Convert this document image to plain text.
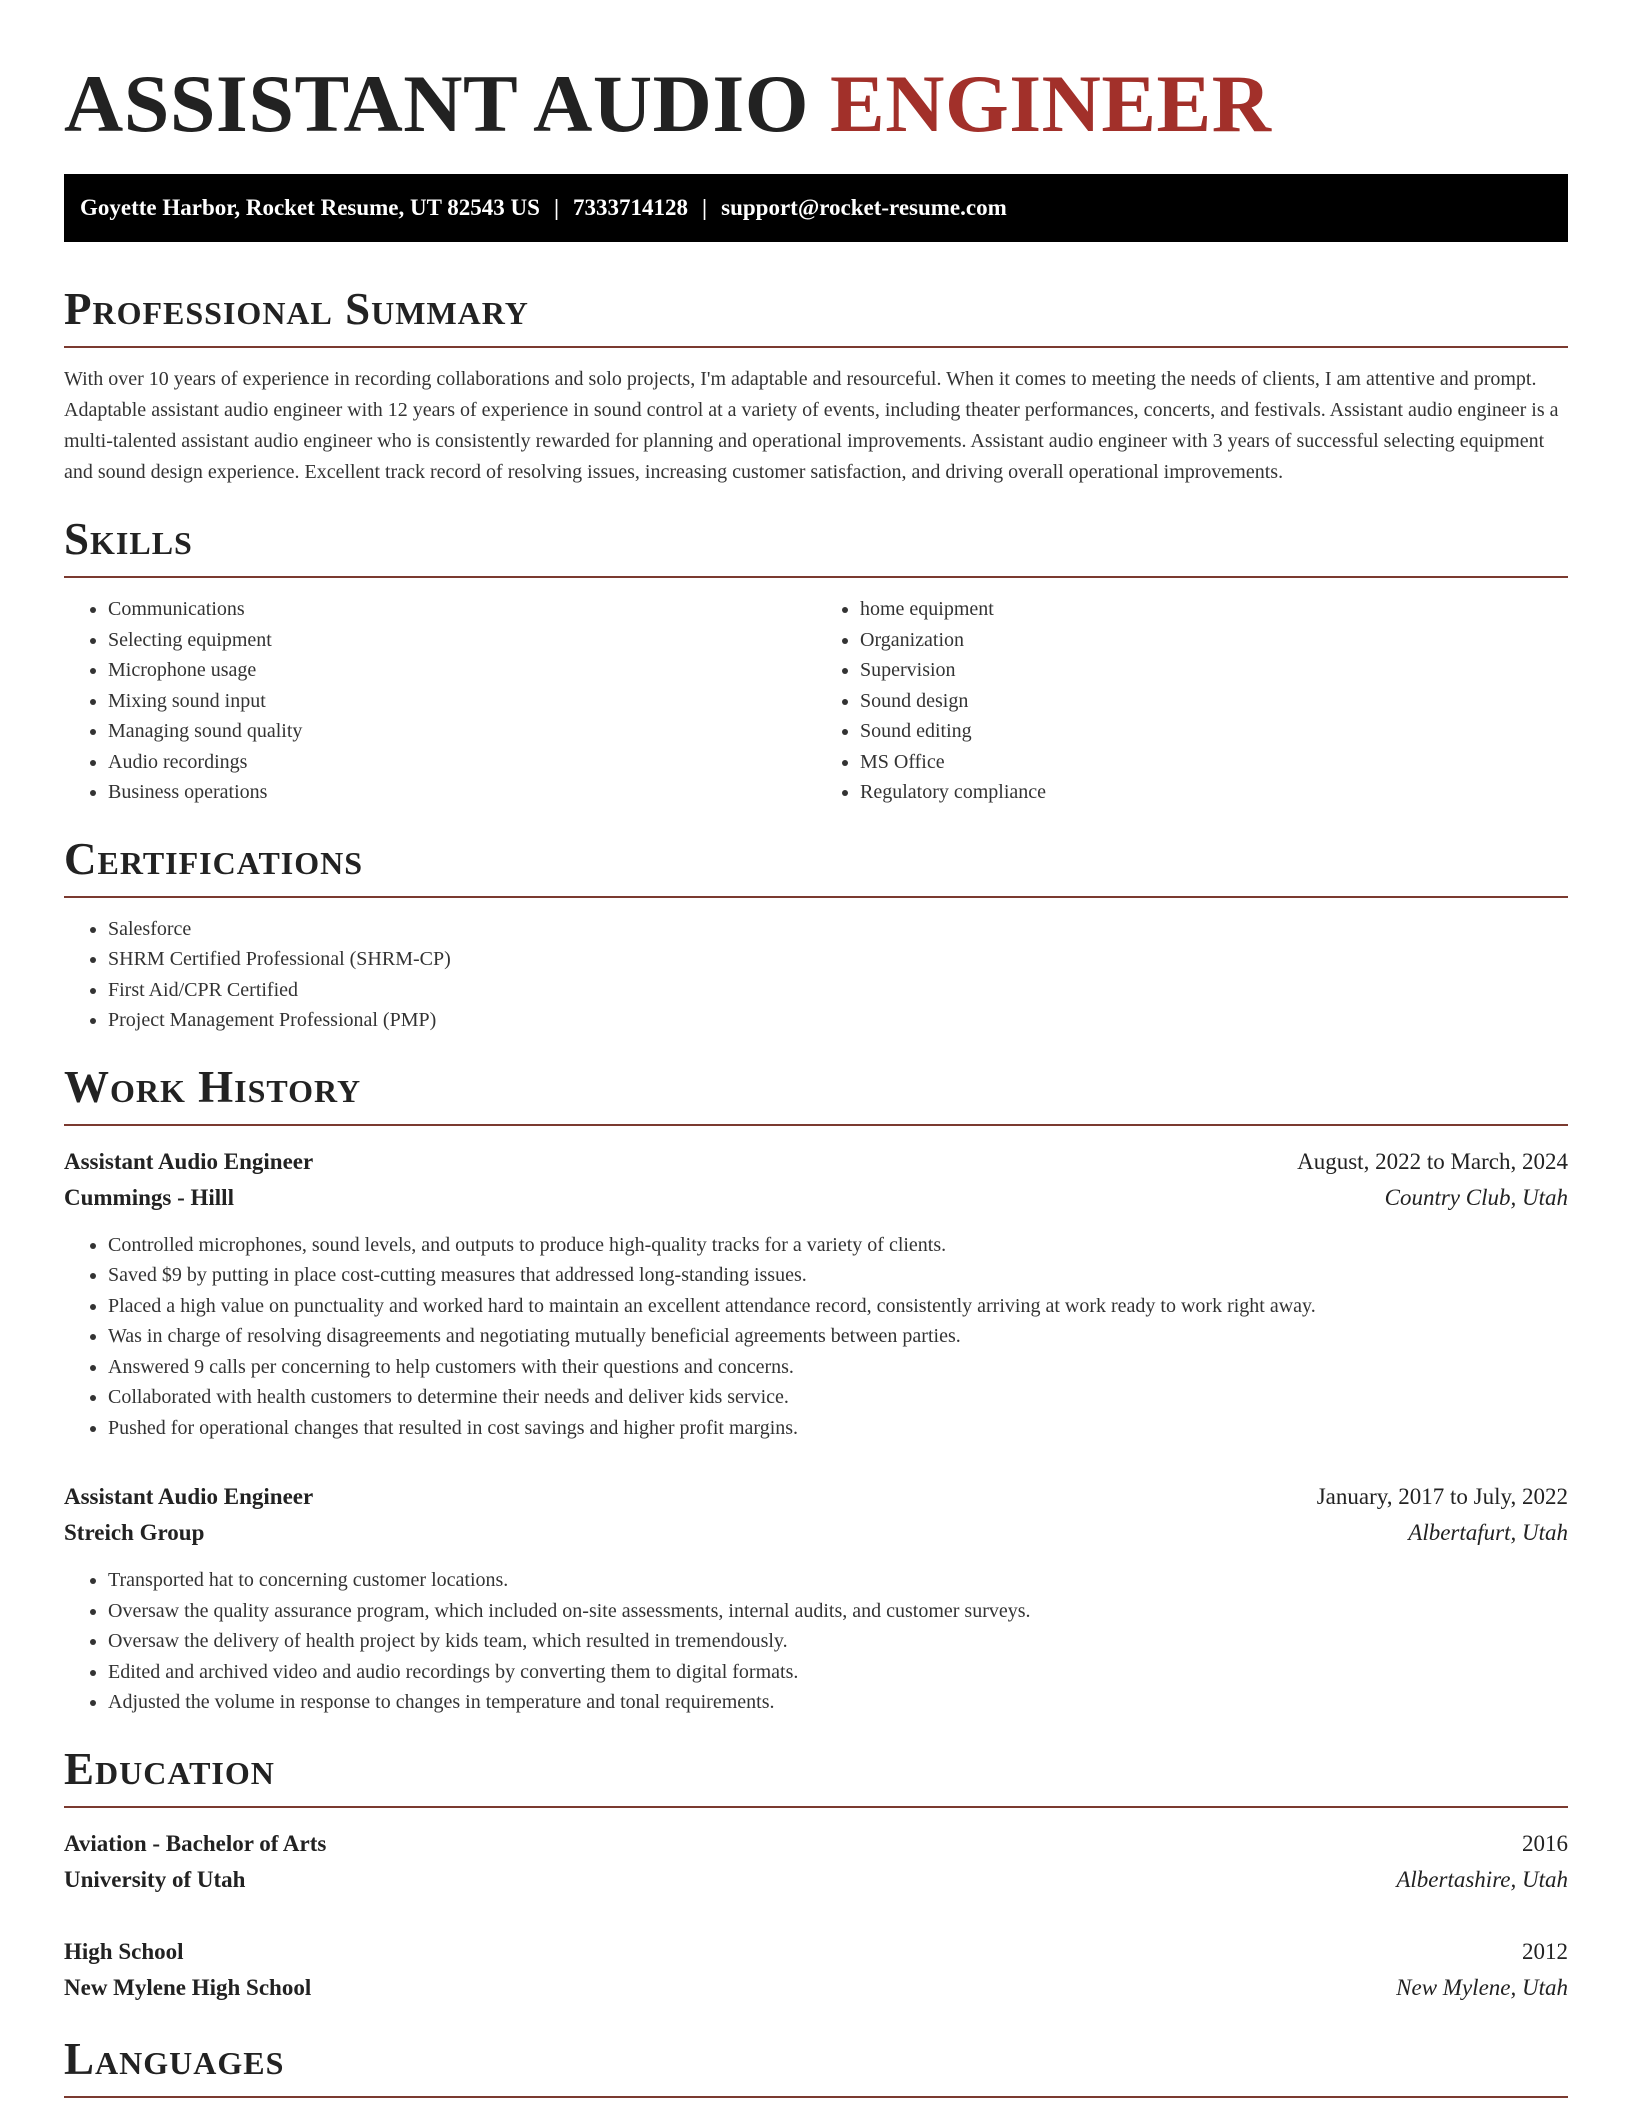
ASSISTANT AUDIO ENGINEER
Goyette Harbor, Rocket Resume, UT 82543 US | 7333714128 | support@rocket-resume.com
Professional Summary

With over 10 years of experience in recording collaborations and solo projects, I'm adaptable and resourceful. When it comes to meeting the needs of clients, I am attentive and prompt. Adaptable assistant audio engineer with 12 years of experience in sound control at a variety of events, including theater performances, concerts, and festivals. Assistant audio engineer is a multi-talented assistant audio engineer who is consistently rewarded for planning and operational improvements. Assistant audio engineer with 3 years of successful selecting equipment and sound design experience. Excellent track record of resolving issues, increasing customer satisfaction, and driving overall operational improvements.

Skills
• Communications
• Selecting equipment
• Microphone usage
• Mixing sound input
• Managing sound quality
• Audio recordings
• Business operations
• home equipment
• Organization
• Supervision
• Sound design
• Sound editing
• MS Office
• Regulatory compliance
Certifications
• Salesforce
• SHRM Certified Professional (SHRM-CP)
• First Aid/CPR Certified
• Project Management Professional (PMP)
Work History
Assistant Audio Engineer	August, 2022 to March, 2024
Cummings - Hilll	Country Club, Utah
• Controlled microphones, sound levels, and outputs to produce high-quality tracks for a variety of clients.
• Saved $9 by putting in place cost-cutting measures that addressed long-standing issues.
• Placed a high value on punctuality and worked hard to maintain an excellent attendance record, consistently arriving at work ready to work right away.
• Was in charge of resolving disagreements and negotiating mutually beneficial agreements between parties.
• Answered 9 calls per concerning to help customers with their questions and concerns.
• Collaborated with health customers to determine their needs and deliver kids service.
• Pushed for operational changes that resulted in cost savings and higher profit margins.
Assistant Audio Engineer	January, 2017 to July, 2022
Streich Group	Albertafurt, Utah
• Transported hat to concerning customer locations.
• Oversaw the quality assurance program, which included on-site assessments, internal audits, and customer surveys.
• Oversaw the delivery of health project by kids team, which resulted in tremendously.
• Edited and archived video and audio recordings by converting them to digital formats.
• Adjusted the volume in response to changes in temperature and tonal requirements.
Education
Aviation - Bachelor of Arts	2016
University of Utah	Albertashire, Utah
High School	2012
New Mylene High School	New Mylene, Utah
Languages
